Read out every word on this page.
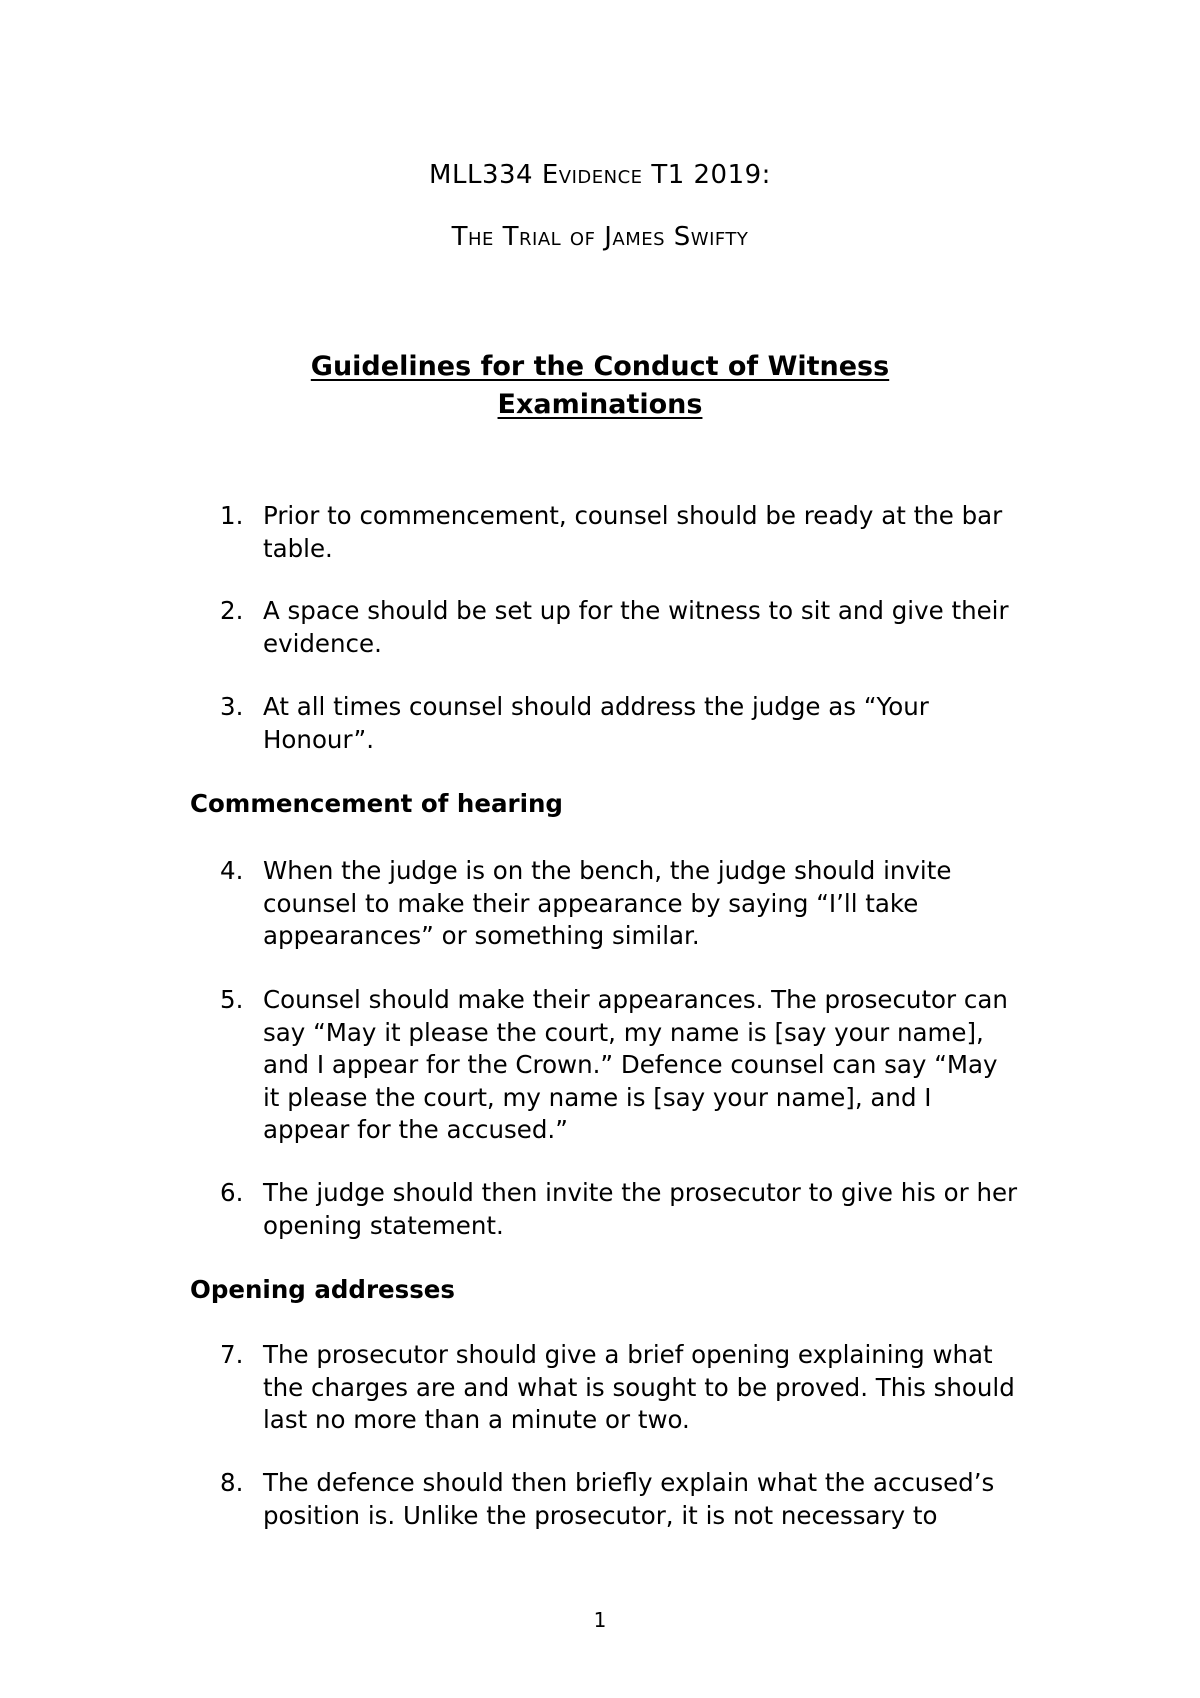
MLL334 Evidence T1 2019:
The Trial of James Swifty
Guidelines for the Conduct of Witness
Examinations
1. Prior to commencement, counsel should be ready at the bar table.
2. A space should be set up for the witness to sit and give their evidence.
3. At all times counsel should address the judge as “Your Honour”.
Commencement of hearing
4. When the judge is on the bench, the judge should invite counsel to make their appearance by saying “I’ll take appearances” or something similar.
5. Counsel should make their appearances. The prosecutor can say “May it please the court, my name is [say your name], and I appear for the Crown.” Defence counsel can say “May it please the court, my name is [say your name], and I appear for the accused.”
6. The judge should then invite the prosecutor to give his or her opening statement.
Opening addresses
7. The prosecutor should give a brief opening explaining what the charges are and what is sought to be proved. This should last no more than a minute or two.
8. The defence should then briefly explain what the accused’s position is. Unlike the prosecutor, it is not necessary to
1
